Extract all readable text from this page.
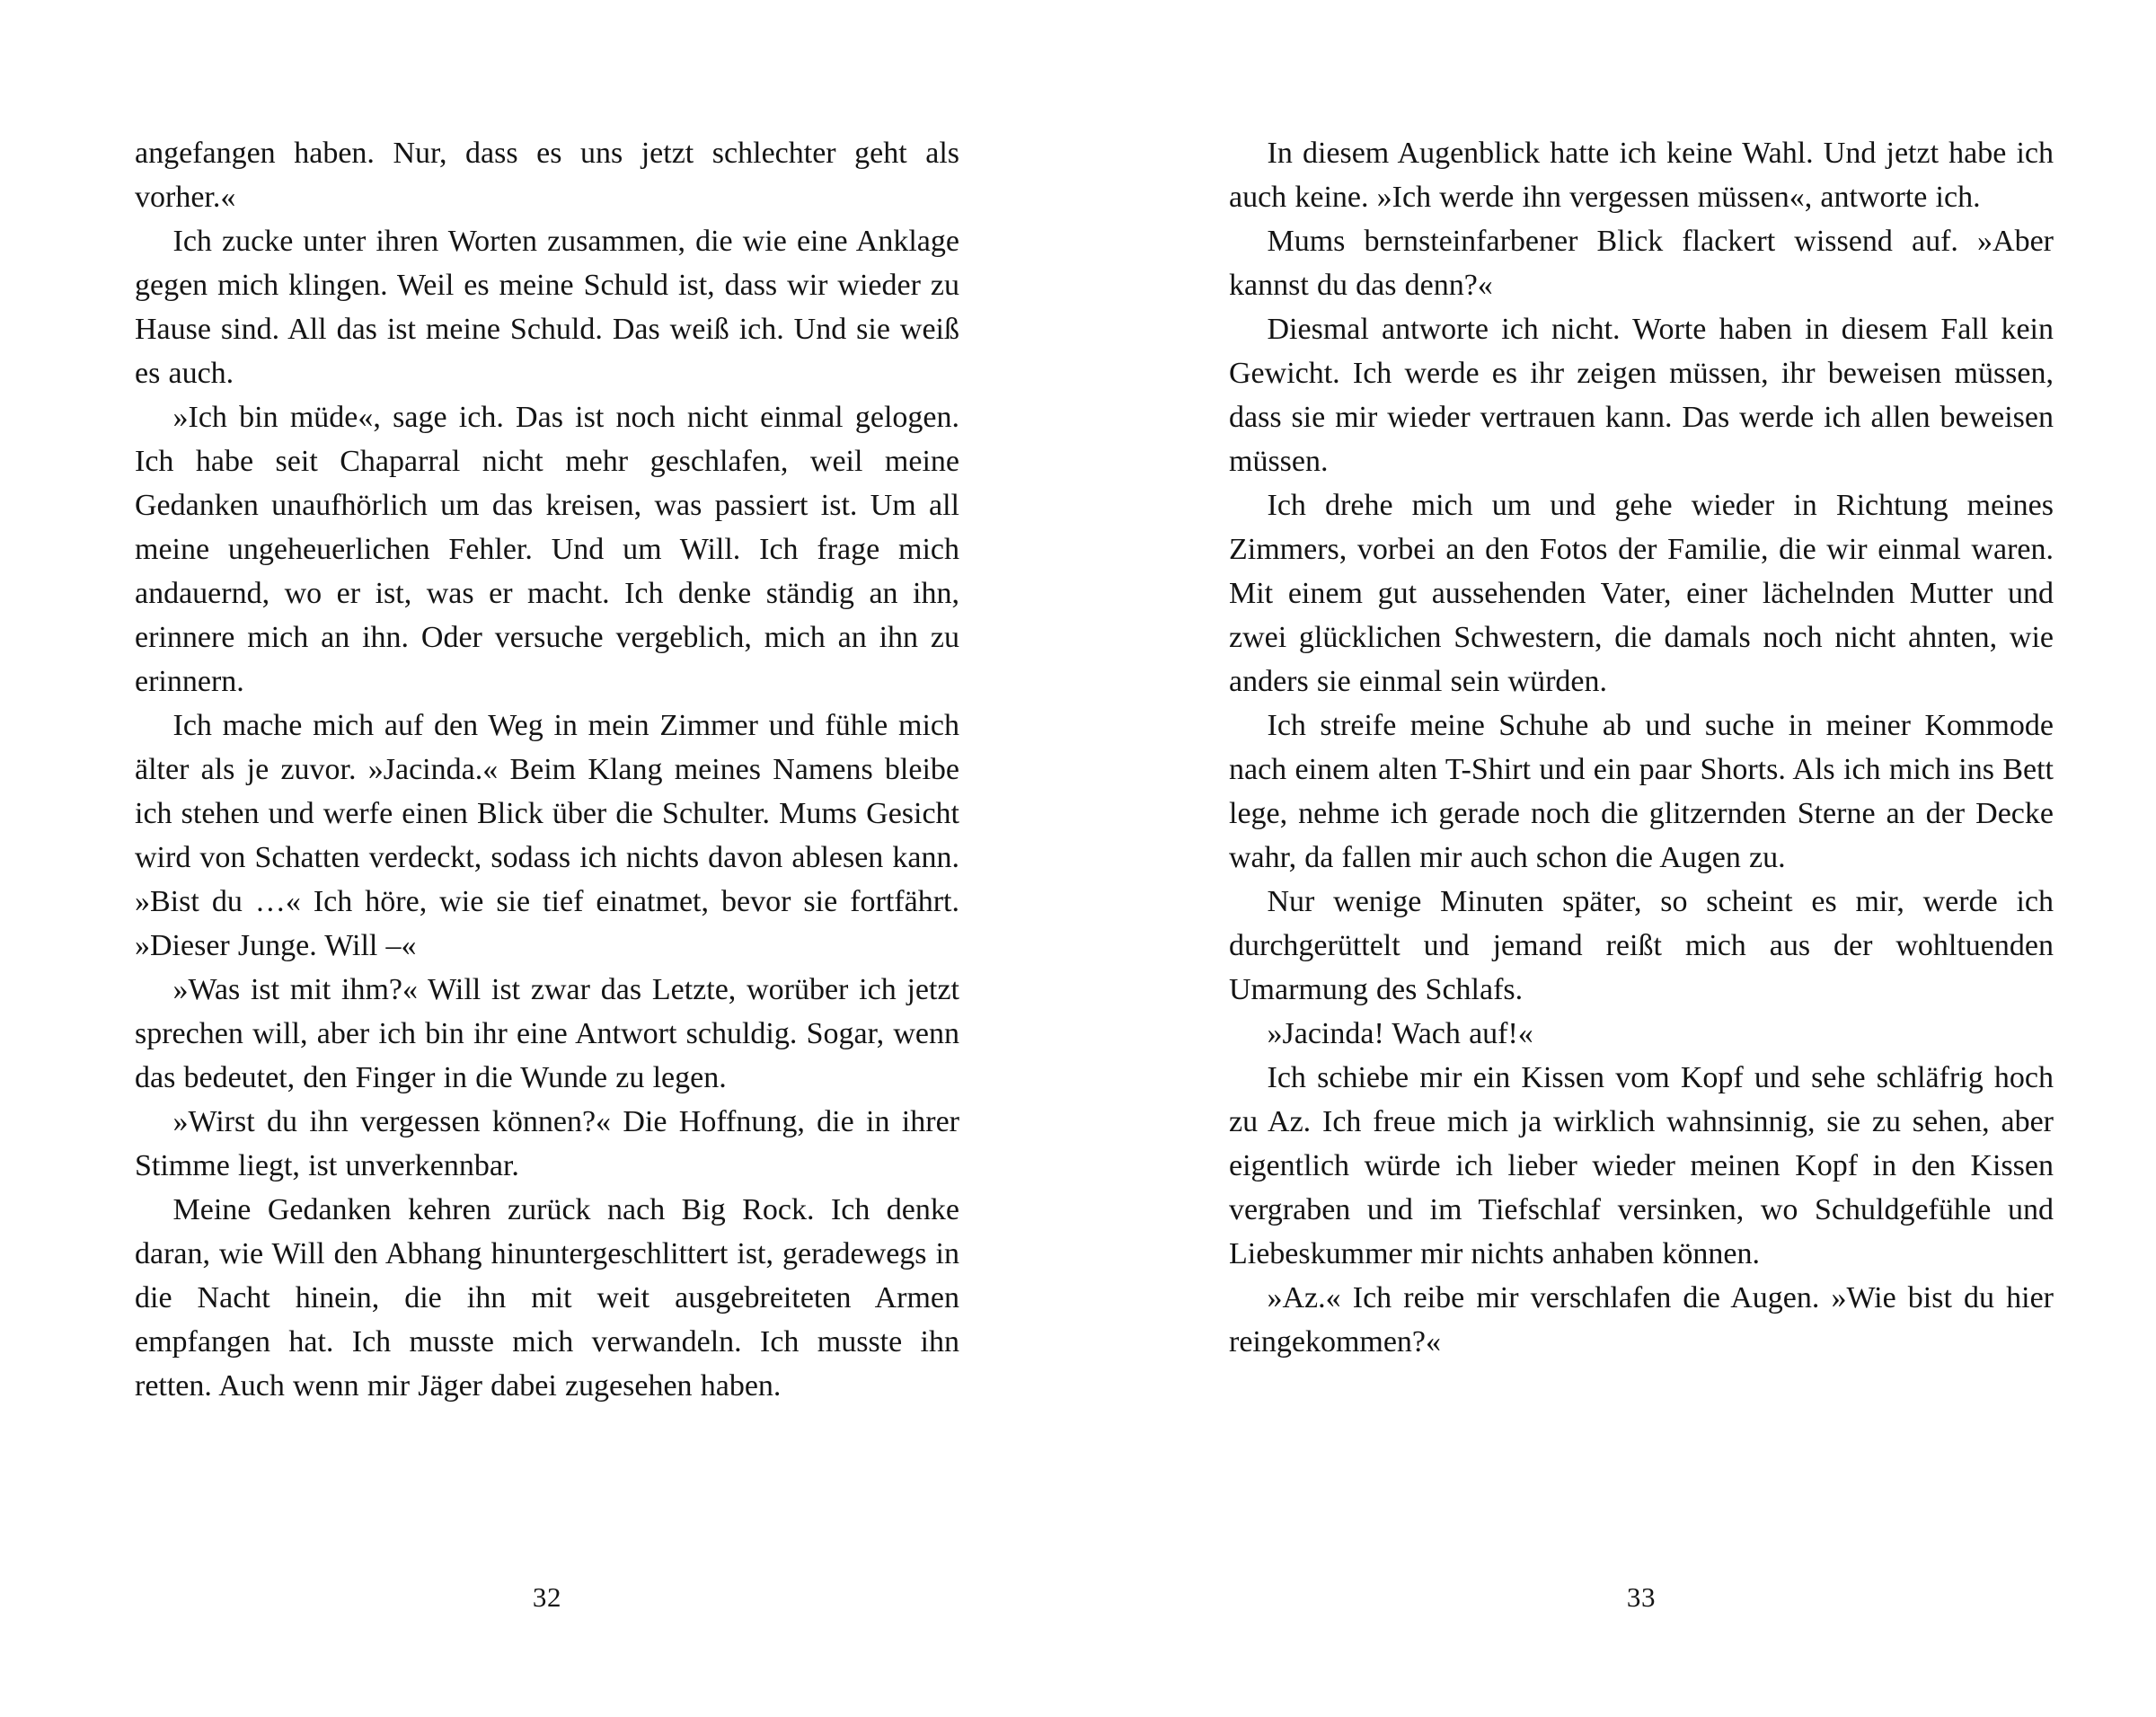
angefangen haben. Nur, dass es uns jetzt schlechter geht als vorher.«

Ich zucke unter ihren Worten zusammen, die wie eine Anklage gegen mich klingen. Weil es meine Schuld ist, dass wir wieder zu Hause sind. All das ist meine Schuld. Das weiß ich. Und sie weiß es auch.

»Ich bin müde«, sage ich. Das ist noch nicht einmal gelogen. Ich habe seit Chaparral nicht mehr geschlafen, weil meine Gedanken unaufhörlich um das kreisen, was passiert ist. Um all meine ungeheuerlichen Fehler. Und um Will. Ich frage mich andauernd, wo er ist, was er macht. Ich denke ständig an ihn, erinnere mich an ihn. Oder versuche vergeblich, mich an ihn zu erinnern.

Ich mache mich auf den Weg in mein Zimmer und fühle mich älter als je zuvor. »Jacinda.« Beim Klang meines Namens bleibe ich stehen und werfe einen Blick über die Schulter. Mums Gesicht wird von Schatten verdeckt, sodass ich nichts davon ablesen kann. »Bist du …« Ich höre, wie sie tief einatmet, bevor sie fortfährt. »Dieser Junge. Will –«

»Was ist mit ihm?« Will ist zwar das Letzte, worüber ich jetzt sprechen will, aber ich bin ihr eine Antwort schuldig. Sogar, wenn das bedeutet, den Finger in die Wunde zu legen.

»Wirst du ihn vergessen können?« Die Hoffnung, die in ihrer Stimme liegt, ist unverkennbar.

Meine Gedanken kehren zurück nach Big Rock. Ich denke daran, wie Will den Abhang hinuntergeschlittert ist, geradewegs in die Nacht hinein, die ihn mit weit ausgebreiteten Armen empfangen hat. Ich musste mich verwandeln. Ich musste ihn retten. Auch wenn mir Jäger dabei zugesehen haben.

32

In diesem Augenblick hatte ich keine Wahl. Und jetzt habe ich auch keine. »Ich werde ihn vergessen müssen«, antworte ich.

Mums bernsteinfarbener Blick flackert wissend auf. »Aber kannst du das denn?«

Diesmal antworte ich nicht. Worte haben in diesem Fall kein Gewicht. Ich werde es ihr zeigen müssen, ihr beweisen müssen, dass sie mir wieder vertrauen kann. Das werde ich allen beweisen müssen.

Ich drehe mich um und gehe wieder in Richtung meines Zimmers, vorbei an den Fotos der Familie, die wir einmal waren. Mit einem gut aussehenden Vater, einer lächelnden Mutter und zwei glücklichen Schwestern, die damals noch nicht ahnten, wie anders sie einmal sein würden.

Ich streife meine Schuhe ab und suche in meiner Kommode nach einem alten T-Shirt und ein paar Shorts. Als ich mich ins Bett lege, nehme ich gerade noch die glitzernden Sterne an der Decke wahr, da fallen mir auch schon die Augen zu.

Nur wenige Minuten später, so scheint es mir, werde ich durchgerüttelt und jemand reißt mich aus der wohltuenden Umarmung des Schlafs.

»Jacinda! Wach auf!«

Ich schiebe mir ein Kissen vom Kopf und sehe schläfrig hoch zu Az. Ich freue mich ja wirklich wahnsinnig, sie zu sehen, aber eigentlich würde ich lieber wieder meinen Kopf in den Kissen vergraben und im Tiefschlaf versinken, wo Schuldgefühle und Liebeskummer mir nichts anhaben können.

»Az.« Ich reibe mir verschlafen die Augen. »Wie bist du hier reingekommen?«

33
